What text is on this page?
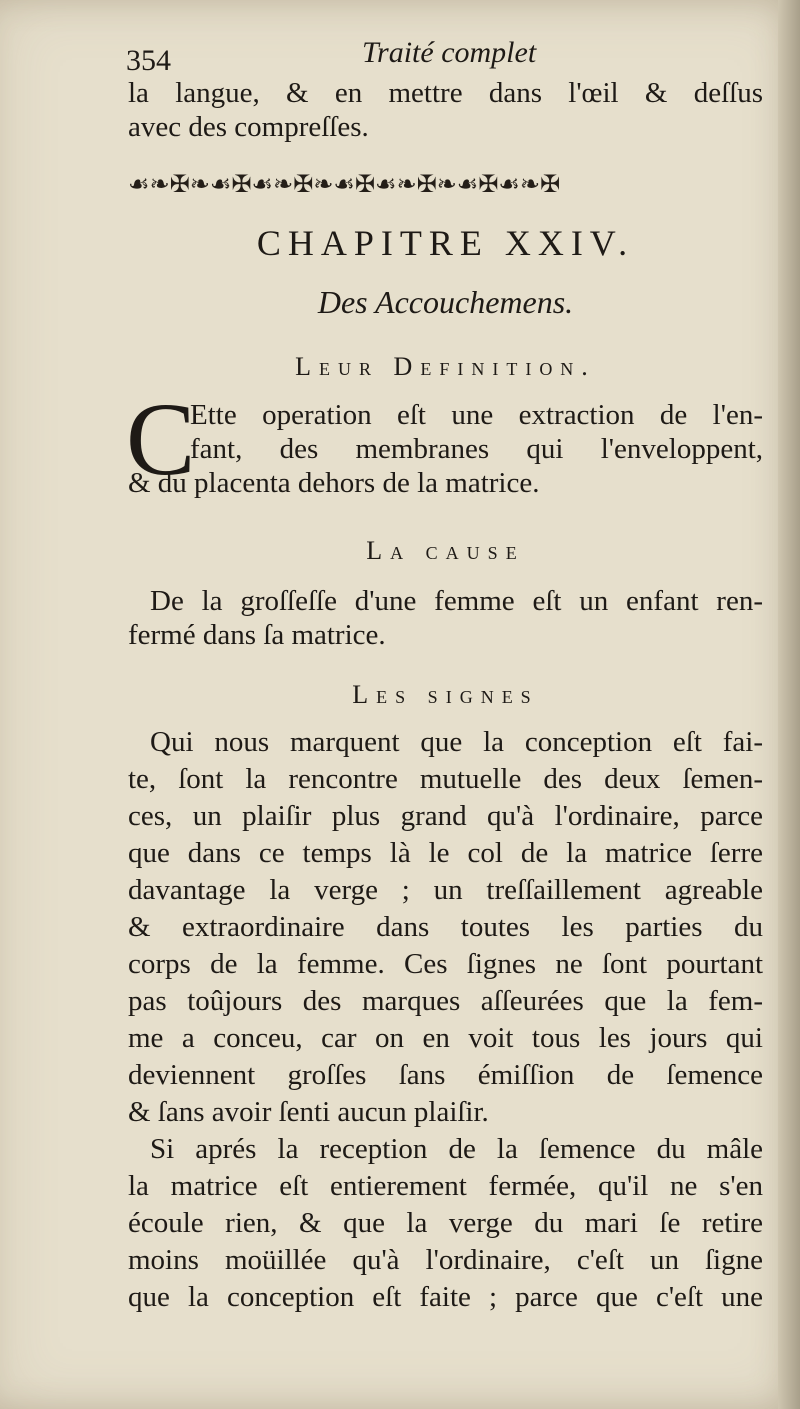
354	Traité complet
la langue, & en mettre dans l'œil & deſſus
avec des compreſſes.
☙❧✠❧☙✠☙❧✠❧☙✠☙❧✠❧☙✠☙❧✠
CHAPITRE XXIV.
Des Accouchemens.
Leur Definition.
C
Ette operation eſt une extraction de l'en-
fant, des membranes qui l'enveloppent,
& du placenta dehors de la matrice.
La cause
De la groſſeſſe d'une femme eſt un enfant ren-
fermé dans ſa matrice.
Les signes
Qui nous marquent que la conception eſt fai-
te, ſont la rencontre mutuelle des deux ſemen-
ces, un plaiſir plus grand qu'à l'ordinaire, parce
que dans ce temps là le col de la matrice ſerre
davantage la verge ; un treſſaillement agreable
& extraordinaire dans toutes les parties du
corps de la femme. Ces ſignes ne ſont pourtant
pas toûjours des marques aſſeurées que la fem-
me a conceu, car on en voit tous les jours qui
deviennent groſſes ſans émiſſion de ſemence
& ſans avoir ſenti aucun plaiſir.
Si aprés la reception de la ſemence du mâle
la matrice eſt entierement fermée, qu'il ne s'en
écoule rien, & que la verge du mari ſe retire
moins moüillée qu'à l'ordinaire, c'eſt un ſigne
que la conception eſt faite ; parce que c'eſt une
